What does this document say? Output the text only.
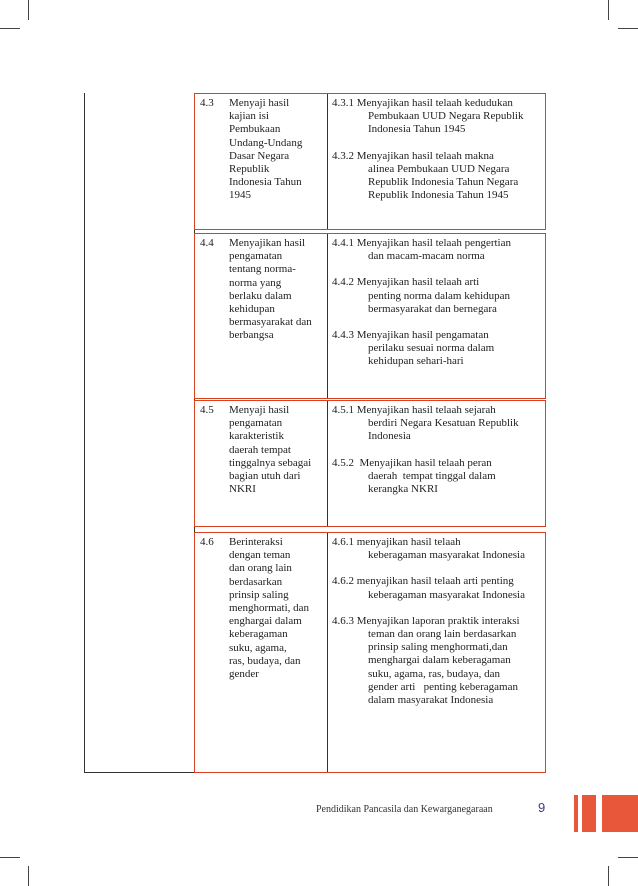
4.3 Menyaji hasil
kajian isi
Pembukaan
Undang-Undang
Dasar Negara
Republik
Indonesia Tahun
1945
4.3.1 Menyajikan hasil telaah kedudukan
Pembukaan UUD Negara Republik
Indonesia Tahun 1945
4.3.2 Menyajikan hasil telaah makna
alinea Pembukaan UUD Negara
Republik Indonesia Tahun Negara
Republik Indonesia Tahun 1945
4.4 Menyajikan hasil
pengamatan
tentang norma-
norma yang
berlaku dalam
kehidupan
bermasyarakat dan
berbangsa
4.4.1 Menyajikan hasil telaah pengertian
dan macam-macam norma
4.4.2 Menyajikan hasil telaah arti
penting norma dalam kehidupan
bermasyarakat dan bernegara
4.4.3 Menyajikan hasil pengamatan
perilaku sesuai norma dalam
kehidupan sehari-hari
4.5 Menyaji hasil
pengamatan
karakteristik
daerah tempat
tinggalnya sebagai
bagian utuh dari
NKRI
4.5.1 Menyajikan hasil telaah sejarah
berdiri Negara Kesatuan Republik
Indonesia
4.5.2 Menyajikan hasil telaah peran
daerah  tempat tinggal dalam
kerangka NKRI
4.6 Berinteraksi
dengan teman
dan orang lain
berdasarkan
prinsip saling
menghormati, dan
enghargai dalam
keberagaman
suku, agama,
ras, budaya, dan
gender
4.6.1 menyajikan hasil telaah
keberagaman masyarakat Indonesia
4.6.2 menyajikan hasil telaah arti penting
keberagaman masyarakat Indonesia
4.6.3 Menyajikan laporan praktik interaksi
teman dan orang lain berdasarkan
prinsip saling menghormati,dan
menghargai dalam keberagaman
suku, agama, ras, budaya, dan
gender arti   penting keberagaman
dalam masyarakat Indonesia
Pendidikan Pancasila dan Kewarganegaraan	9
